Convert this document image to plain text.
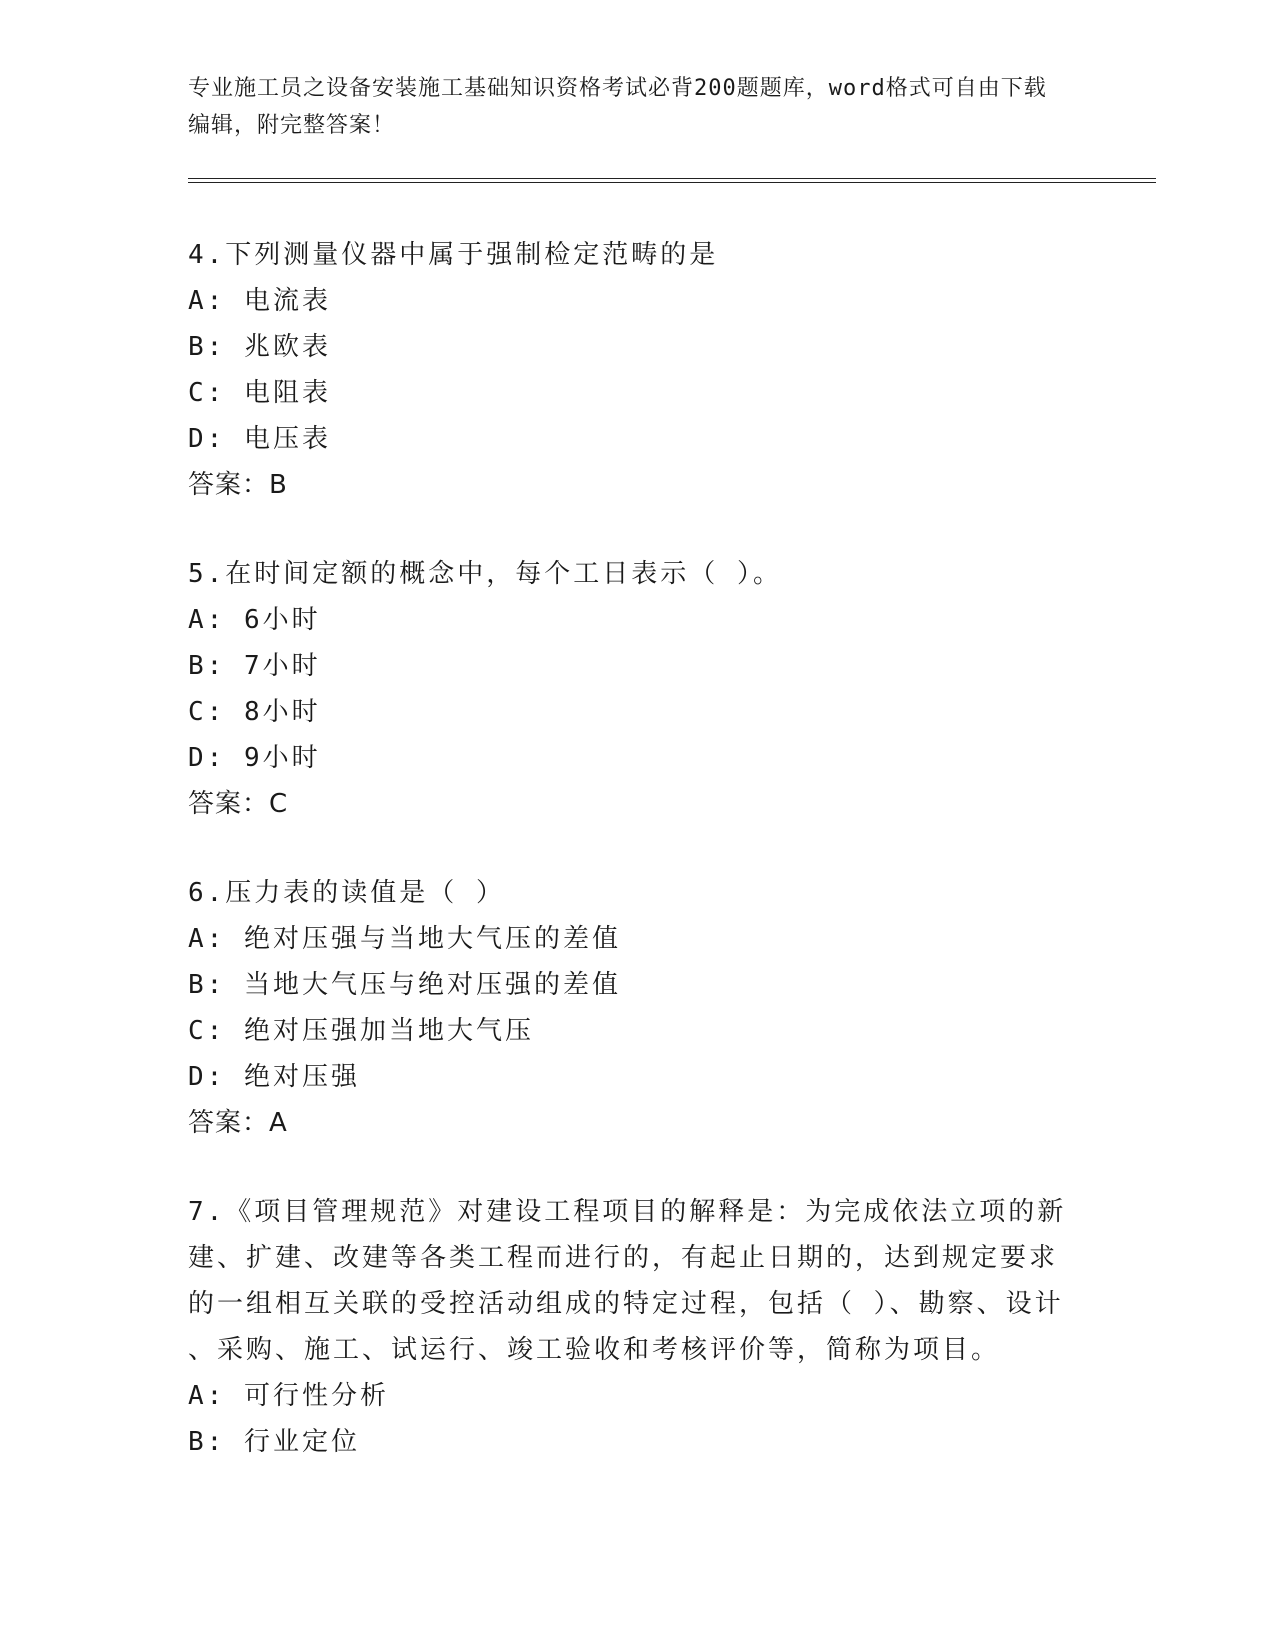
专业施工员之设备安装施工基础知识资格考试必背200题题库，word格式可自由下载编辑，附完整答案！
4.下列测量仪器中属于强制检定范畴的是
A: 电流表
B: 兆欧表
C: 电阻表
D: 电压表
答案：B
5.在时间定额的概念中，每个工日表示（ ）。
A: 6小时
B: 7小时
C: 8小时
D: 9小时
答案：C
6.压力表的读值是（ ）
A: 绝对压强与当地大气压的差值
B: 当地大气压与绝对压强的差值
C: 绝对压强加当地大气压
D: 绝对压强
答案：A
7.《项目管理规范》对建设工程项目的解释是：为完成依法立项的新
建、扩建、改建等各类工程而进行的，有起止日期的，达到规定要求
的一组相互关联的受控活动组成的特定过程，包括（ ）、勘察、设计
、采购、施工、试运行、竣工验收和考核评价等，简称为项目。
A: 可行性分析
B: 行业定位
